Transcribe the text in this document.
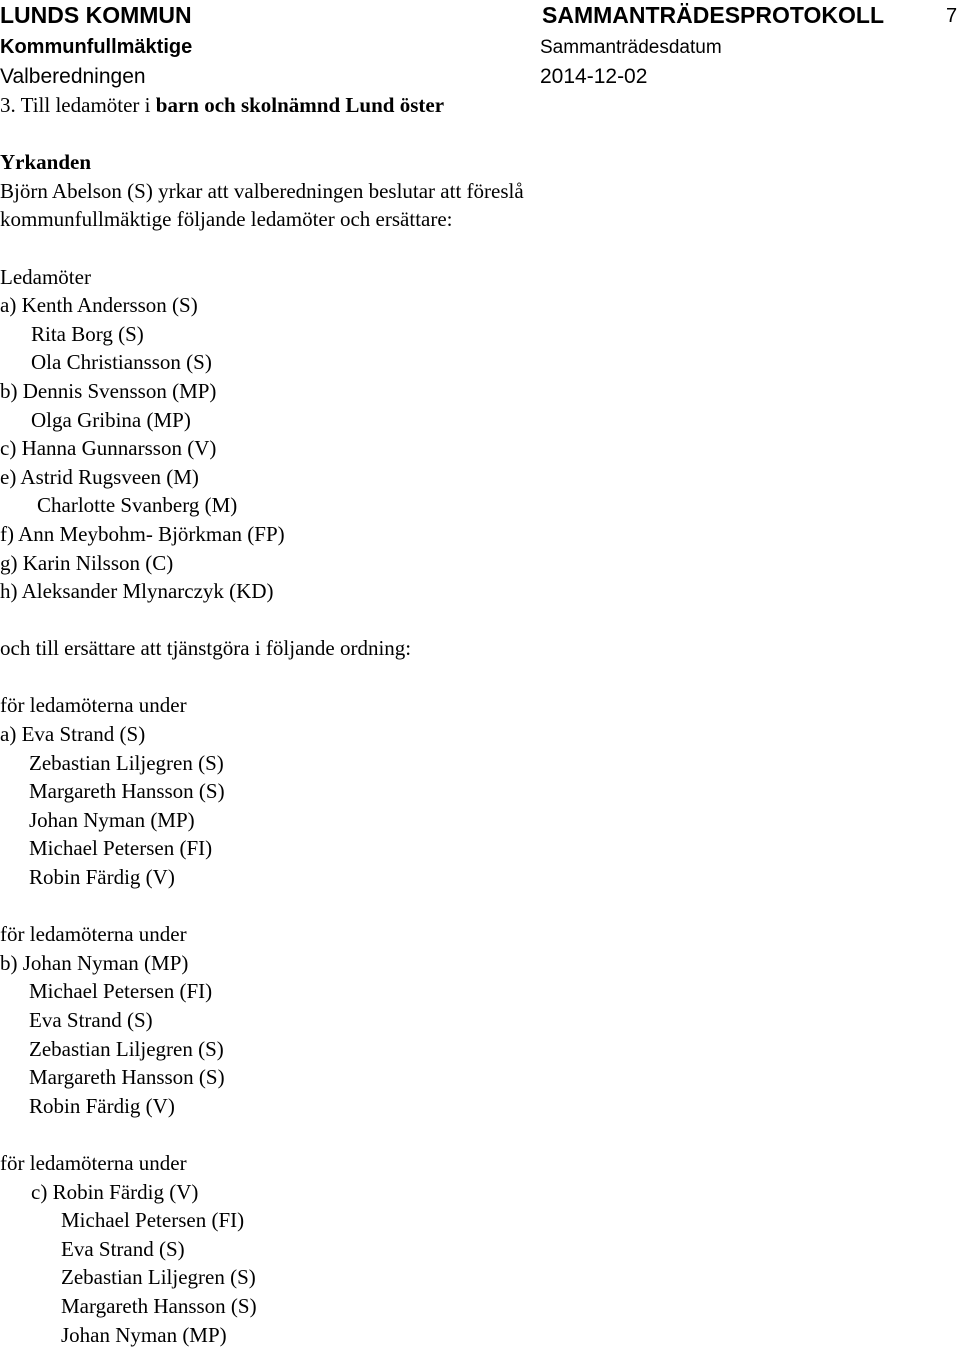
LUNDS KOMMUN
Kommunfullmäktige
Valberedningen
SAMMANTRÄDESPROTOKOLL	7
Sammanträdesdatum
2014-12-02
3. Till ledamöter i barn och skolnämnd Lund öster
Yrkanden
Björn Abelson (S) yrkar att valberedningen beslutar att föreslå
kommunfullmäktige följande ledamöter och ersättare:
Ledamöter
a) Kenth Andersson (S)
Rita Borg (S)
Ola Christiansson (S)
b) Dennis Svensson (MP)
Olga Gribina (MP)
c) Hanna Gunnarsson (V)
e) Astrid Rugsveen (M)
Charlotte Svanberg (M)
f) Ann Meybohm- Björkman (FP)
g) Karin Nilsson (C)
h) Aleksander Mlynarczyk (KD)
och till ersättare att tjänstgöra i följande ordning:
för ledamöterna under
a) Eva Strand (S)
Zebastian Liljegren (S)
Margareth Hansson (S)
Johan Nyman (MP)
Michael Petersen (FI)
Robin Färdig (V)
för ledamöterna under
b) Johan Nyman (MP)
Michael Petersen (FI)
Eva Strand (S)
Zebastian Liljegren (S)
Margareth Hansson (S)
Robin Färdig (V)
för ledamöterna under
c) Robin Färdig (V)
Michael Petersen (FI)
Eva Strand (S)
Zebastian Liljegren (S)
Margareth Hansson (S)
Johan Nyman (MP)
